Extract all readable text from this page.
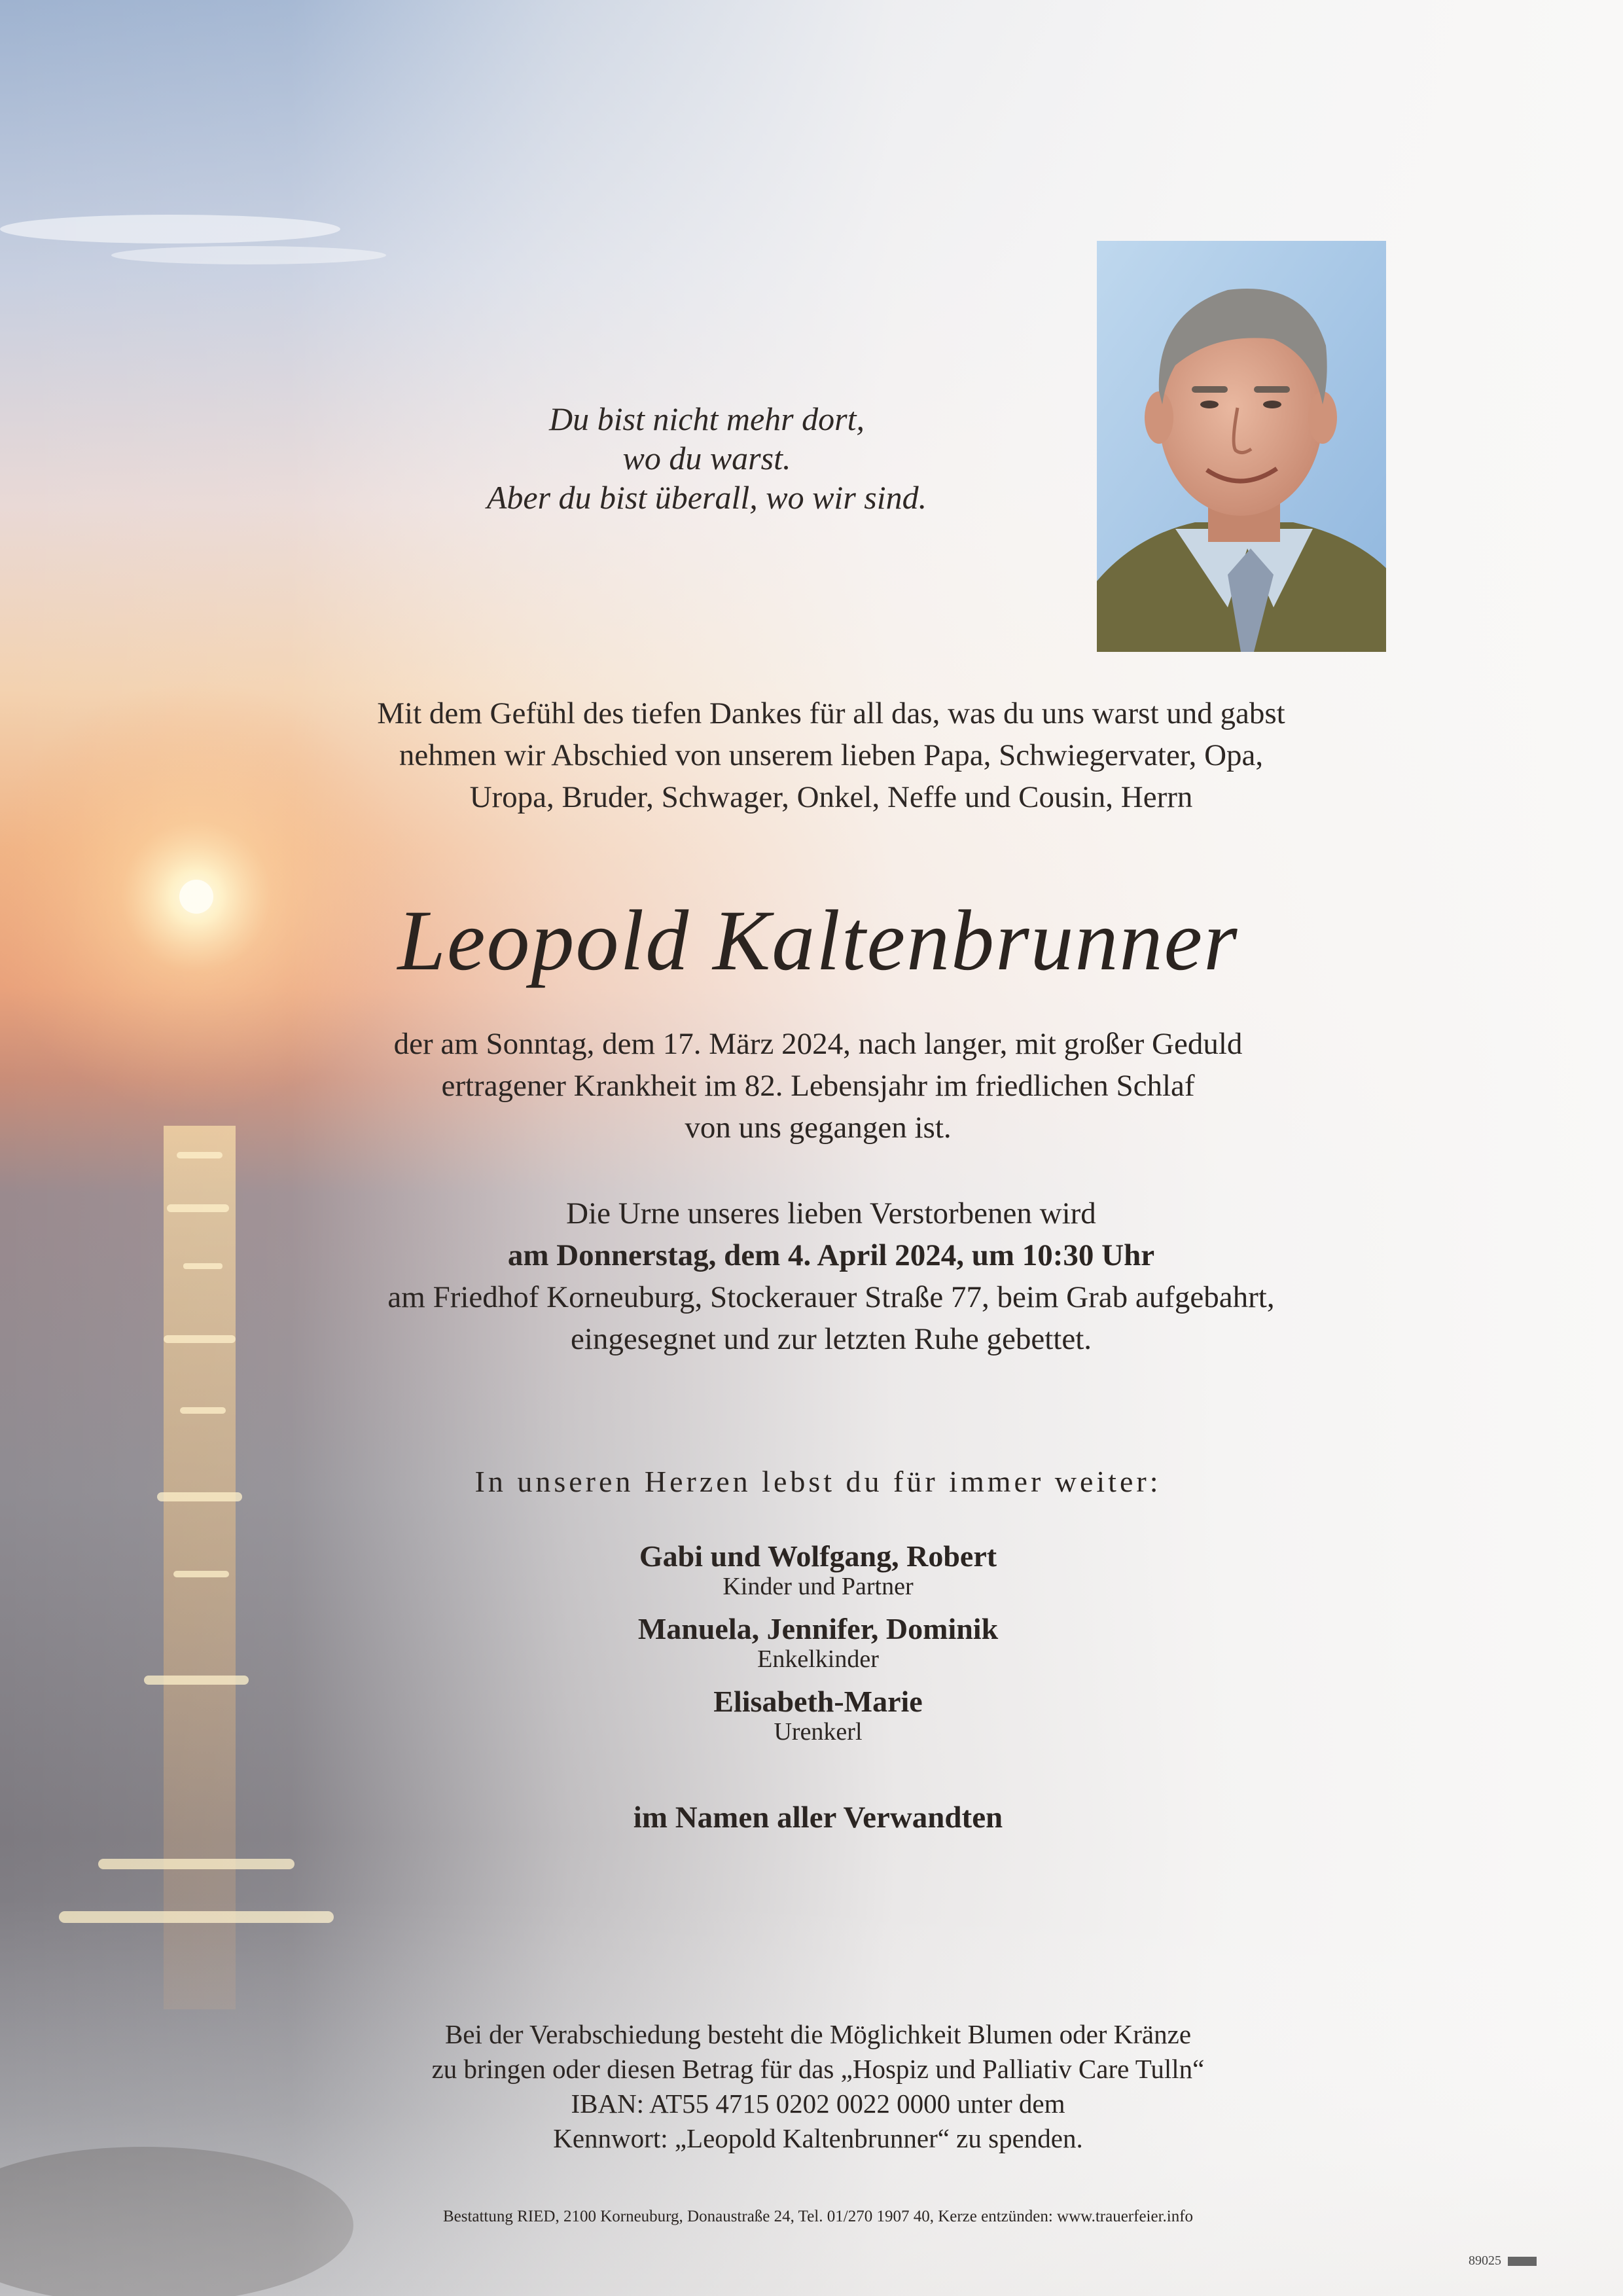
Du bist nicht mehr dort,
wo du warst.
Aber du bist überall, wo wir sind.
Mit dem Gefühl des tiefen Dankes für all das, was du uns warst und gabst
nehmen wir Abschied von unserem lieben Papa, Schwiegervater, Opa,
Uropa, Bruder, Schwager, Onkel, Neffe und Cousin, Herrn
Leopold Kaltenbrunner
der am Sonntag, dem 17. März 2024, nach langer, mit großer Geduld
ertragener Krankheit im 82. Lebensjahr im friedlichen Schlaf
von uns gegangen ist.
Die Urne unseres lieben Verstorbenen wird
am Donnerstag, dem 4. April 2024, um 10:30 Uhr
am Friedhof Korneuburg, Stockerauer Straße 77, beim Grab aufgebahrt,
eingesegnet und zur letzten Ruhe gebettet.
In unseren Herzen lebst du für immer weiter:
Gabi und Wolfgang, Robert
Kinder und Partner
Manuela, Jennifer, Dominik
Enkelkinder
Elisabeth-Marie
Urenkerl
im Namen aller Verwandten
Bei der Verabschiedung besteht die Möglichkeit Blumen oder Kränze
zu bringen oder diesen Betrag für das „Hospiz und Palliativ Care Tulln“
IBAN: AT55 4715 0202 0022 0000 unter dem
Kennwort: „Leopold Kaltenbrunner“ zu spenden.
Bestattung RIED, 2100 Korneuburg, Donaustraße 24, Tel. 01/270 1907 40, Kerze entzünden: www.trauerfeier.info
89025
